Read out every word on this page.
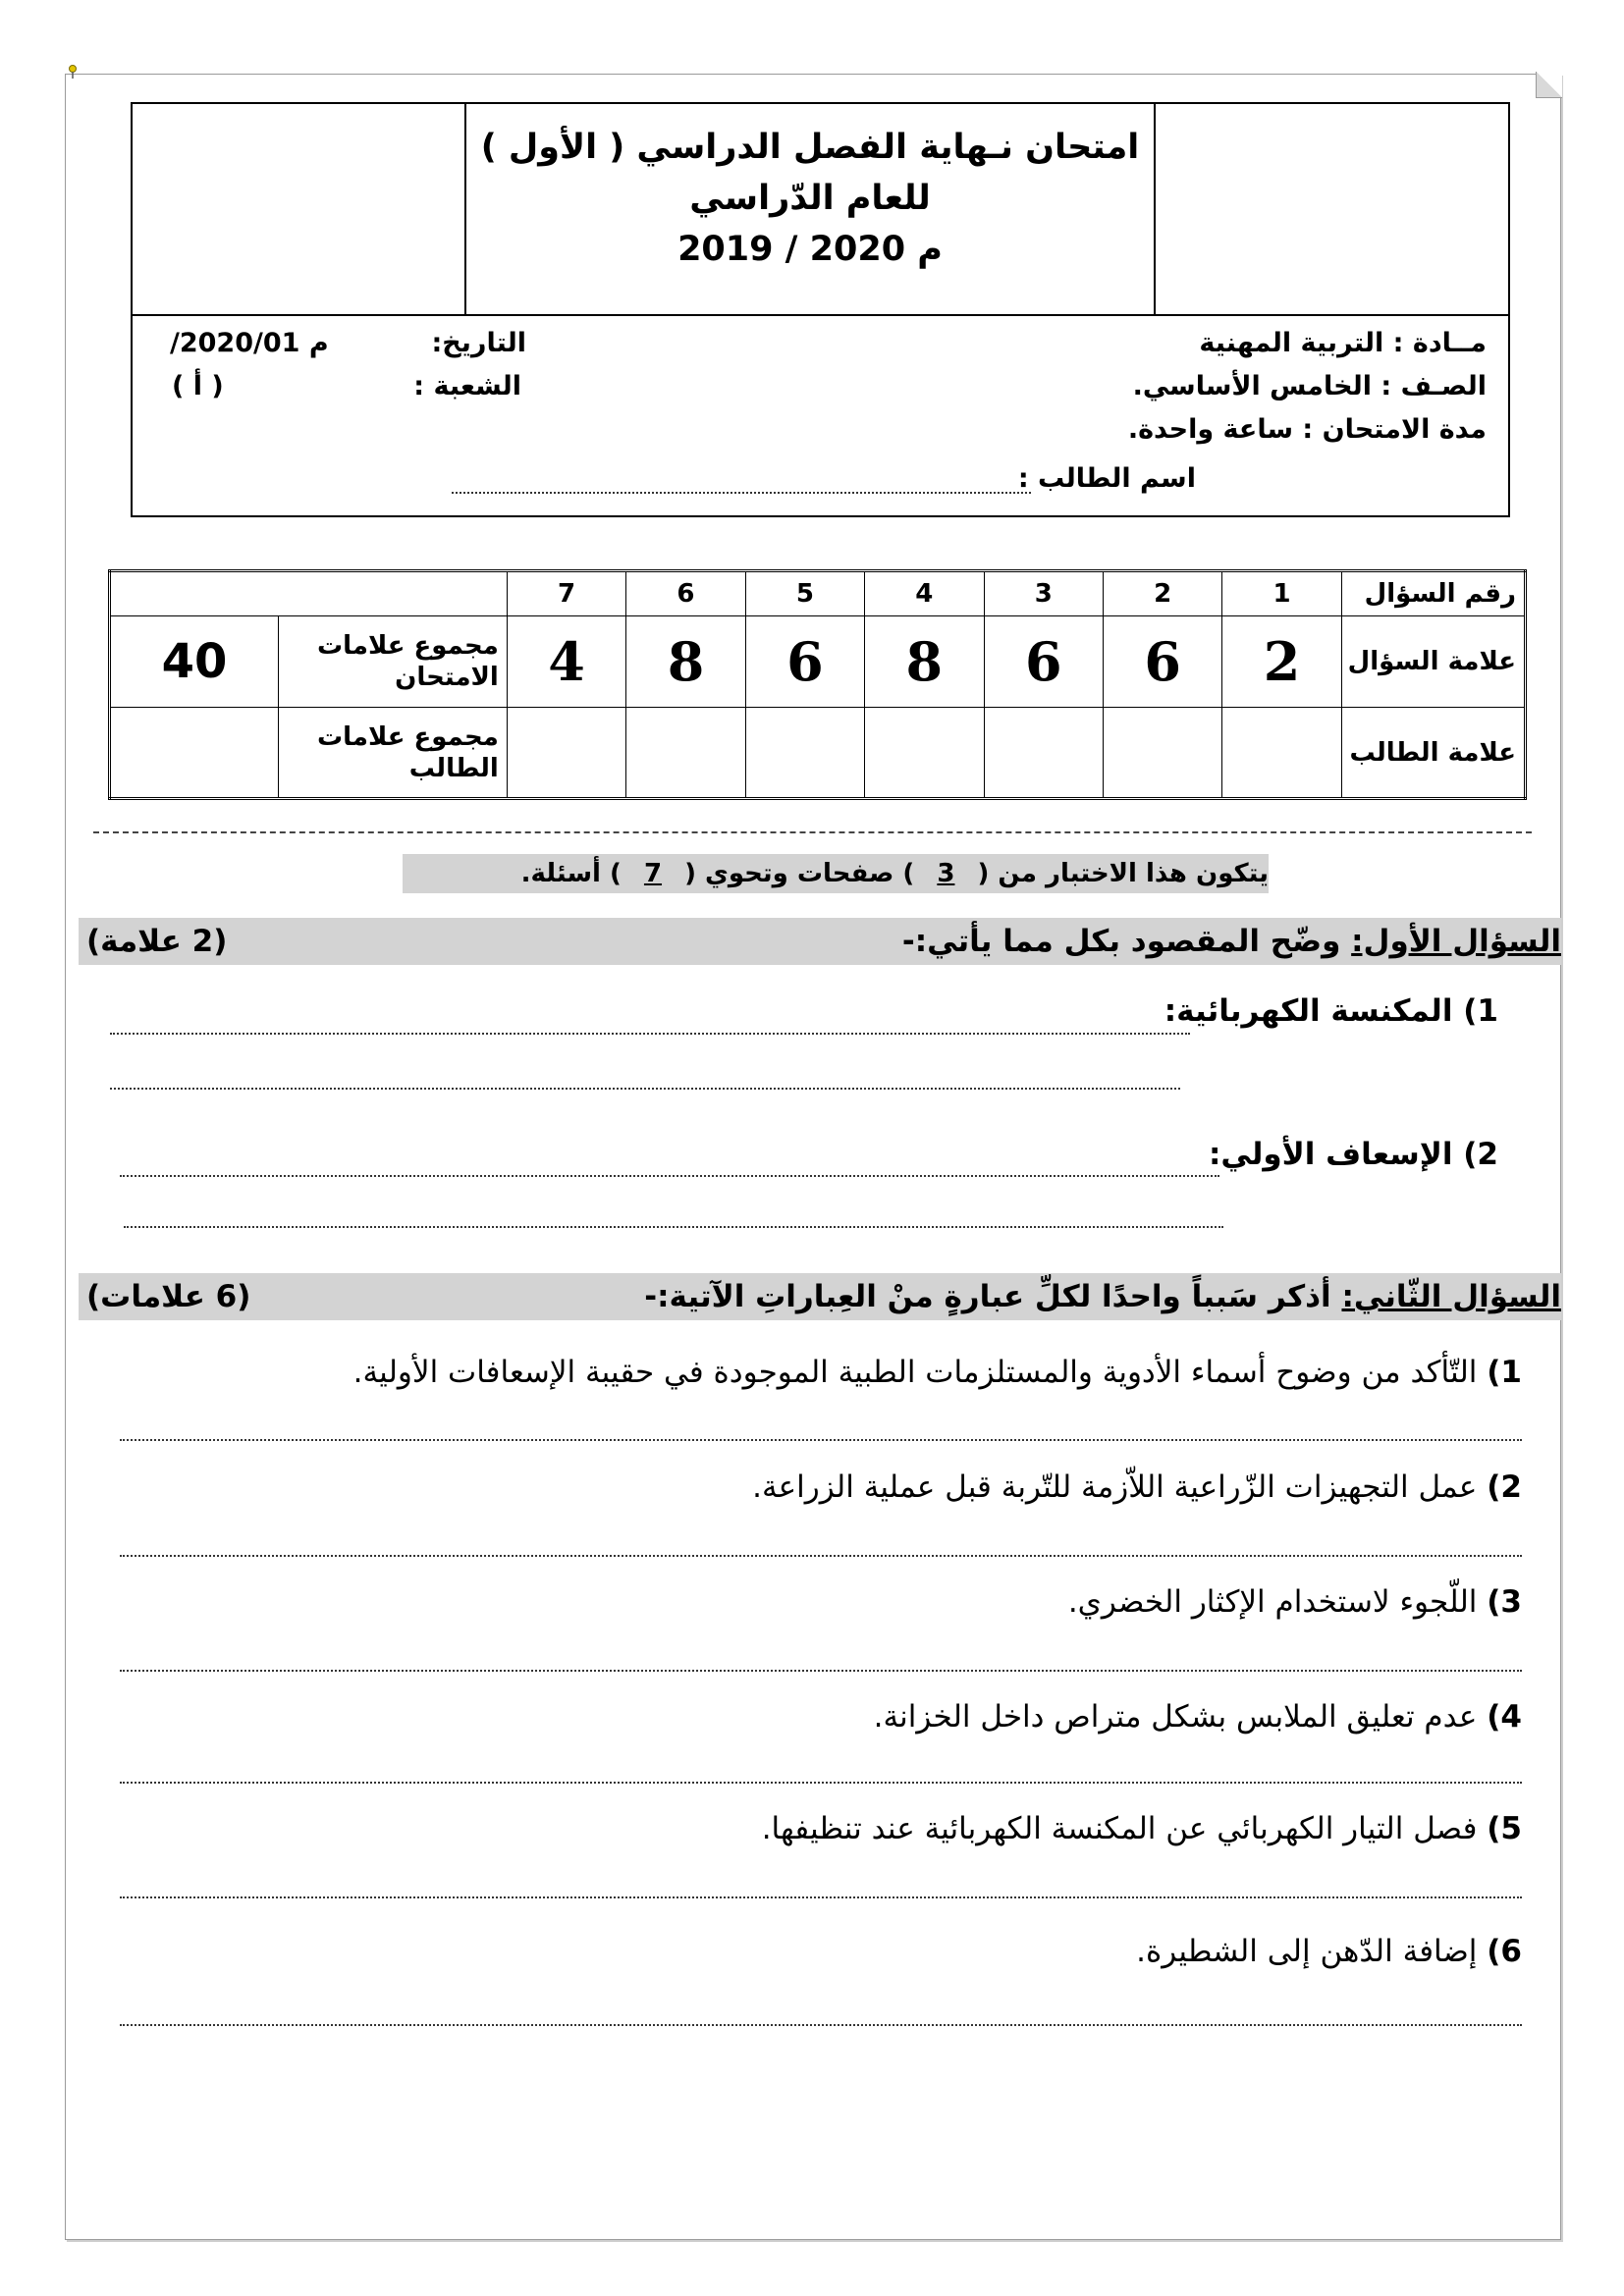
امتحان نـهاية الفصل الدراسي ( الأول )
للعام الدّراسي
2019 / 2020 م
مــادة : التربية المهنية
الصـف : الخامس الأساسي.
مدة الامتحان : ساعة واحدة.
اسم الطالب :
التاريخ:
/2020/01 م
الشعبة :
( أ )
رقم السؤال	1	2	3	4	5	6	7		
علامة السؤال	2	6	6	8	6	8	4	مجموع علامات الامتحان	40
علامة الطالب								مجموع علامات الطالب	
يتكون هذا الاختبار من ( 3 ) صفحات وتحوي ( 7 ) أسئلة.
السؤال الأول: وضّح المقصود بكل مما يأتي:-
(2 علامة)
1) المكنسة الكهربائية:
2) الإسعاف الأولي:
السؤال الثّاني: أذكر سَبباً واحدًا لكلِّ عبارةٍ منْ العِباراتِ الآتية:-
(6 علامات)
1) التّأكد من وضوح أسماء الأدوية والمستلزمات الطبية الموجودة في حقيبة الإسعافات الأولية.
2) عمل التجهيزات الزّراعية اللاّزمة للتّربة قبل عملية الزراعة.
3) اللّجوء لاستخدام الإكثار الخضري.
4) عدم تعليق الملابس بشكل متراص داخل الخزانة.
5) فصل التيار الكهربائي عن المكنسة الكهربائية عند تنظيفها.
6) إضافة الدّهن إلى الشطيرة.
